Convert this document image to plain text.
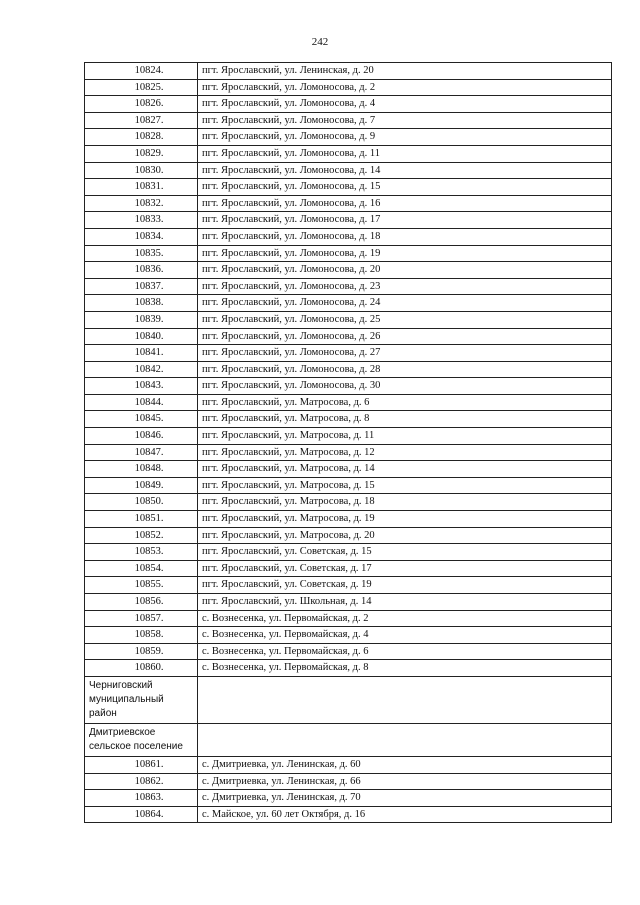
242
10824.	пгт. Ярославский, ул. Ленинская, д. 20
10825.	пгт. Ярославский, ул. Ломоносова, д. 2
10826.	пгт. Ярославский, ул. Ломоносова, д. 4
10827.	пгт. Ярославский, ул. Ломоносова, д. 7
10828.	пгт. Ярославский, ул. Ломоносова, д. 9
10829.	пгт. Ярославский, ул. Ломоносова, д. 11
10830.	пгт. Ярославский, ул. Ломоносова, д. 14
10831.	пгт. Ярославский, ул. Ломоносова, д. 15
10832.	пгт. Ярославский, ул. Ломоносова, д. 16
10833.	пгт. Ярославский, ул. Ломоносова, д. 17
10834.	пгт. Ярославский, ул. Ломоносова, д. 18
10835.	пгт. Ярославский, ул. Ломоносова, д. 19
10836.	пгт. Ярославский, ул. Ломоносова, д. 20
10837.	пгт. Ярославский, ул. Ломоносова, д. 23
10838.	пгт. Ярославский, ул. Ломоносова, д. 24
10839.	пгт. Ярославский, ул. Ломоносова, д. 25
10840.	пгт. Ярославский, ул. Ломоносова, д. 26
10841.	пгт. Ярославский, ул. Ломоносова, д. 27
10842.	пгт. Ярославский, ул. Ломоносова, д. 28
10843.	пгт. Ярославский, ул. Ломоносова, д. 30
10844.	пгт. Ярославский, ул. Матросова, д. 6
10845.	пгт. Ярославский, ул. Матросова, д. 8
10846.	пгт. Ярославский, ул. Матросова, д. 11
10847.	пгт. Ярославский, ул. Матросова, д. 12
10848.	пгт. Ярославский, ул. Матросова, д. 14
10849.	пгт. Ярославский, ул. Матросова, д. 15
10850.	пгт. Ярославский, ул. Матросова, д. 18
10851.	пгт. Ярославский, ул. Матросова, д. 19
10852.	пгт. Ярославский, ул. Матросова, д. 20
10853.	пгт. Ярославский, ул. Советская, д. 15
10854.	пгт. Ярославский, ул. Советская, д. 17
10855.	пгт. Ярославский, ул. Советская, д. 19
10856.	пгт. Ярославский, ул. Школьная, д. 14
10857.	с. Вознесенка, ул. Первомайская, д. 2
10858.	с. Вознесенка, ул. Первомайская, д. 4
10859.	с. Вознесенка, ул. Первомайская, д. 6
10860.	с. Вознесенка, ул. Первомайская, д. 8
Черниговский муниципальный район	
Дмитриевское сельское поселение	
10861.	с. Дмитриевка, ул. Ленинская, д. 60
10862.	с. Дмитриевка, ул. Ленинская, д. 66
10863.	с. Дмитриевка, ул. Ленинская, д. 70
10864.	с. Майское, ул. 60 лет Октября, д. 16
